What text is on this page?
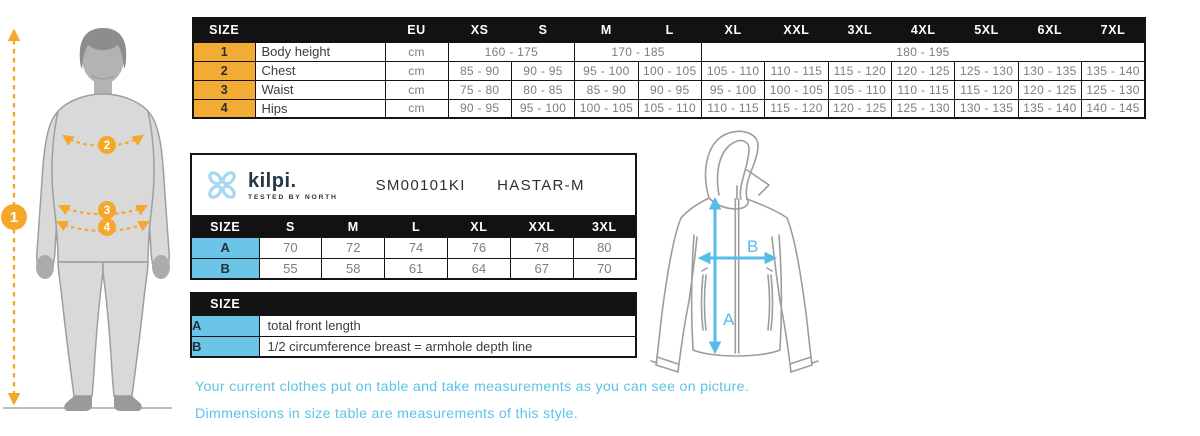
1
2
3
4
SIZE		EU	XS	S	M	L	XL	XXL	3XL	4XL	5XL	6XL	7XL
1	Body height	cm	160 - 175		170 - 185		180 - 195						
2	Chest	cm	85 - 90	90 - 95	95 - 100	100 - 105	105 - 110	110 - 115	115 - 120	120 - 125	125 - 130	130 - 135	135 - 140
3	Waist	cm	75 - 80	80 - 85	85 - 90	90 - 95	95 - 100	100 - 105	105 - 110	110 - 115	115 - 120	120 - 125	125 - 130
4	Hips	cm	90 - 95	95 - 100	100 - 105	105 - 110	110 - 115	115 - 120	120 - 125	125 - 130	130 - 135	135 - 140	140 - 145
kilpi.
TESTED BY NORTH
SM00101KI HASTAR-M
SIZE	S	M	L	XL	XXL	3XL
A	70	72	74	76	78	80
B	55	58	61	64	67	70
SIZE	
A	total front length
B	1/2 circumference breast = armhole depth line
A
B
Your current clothes put on table and take measurements as you can see on picture.
Dimmensions in size table are measurements of this style.
